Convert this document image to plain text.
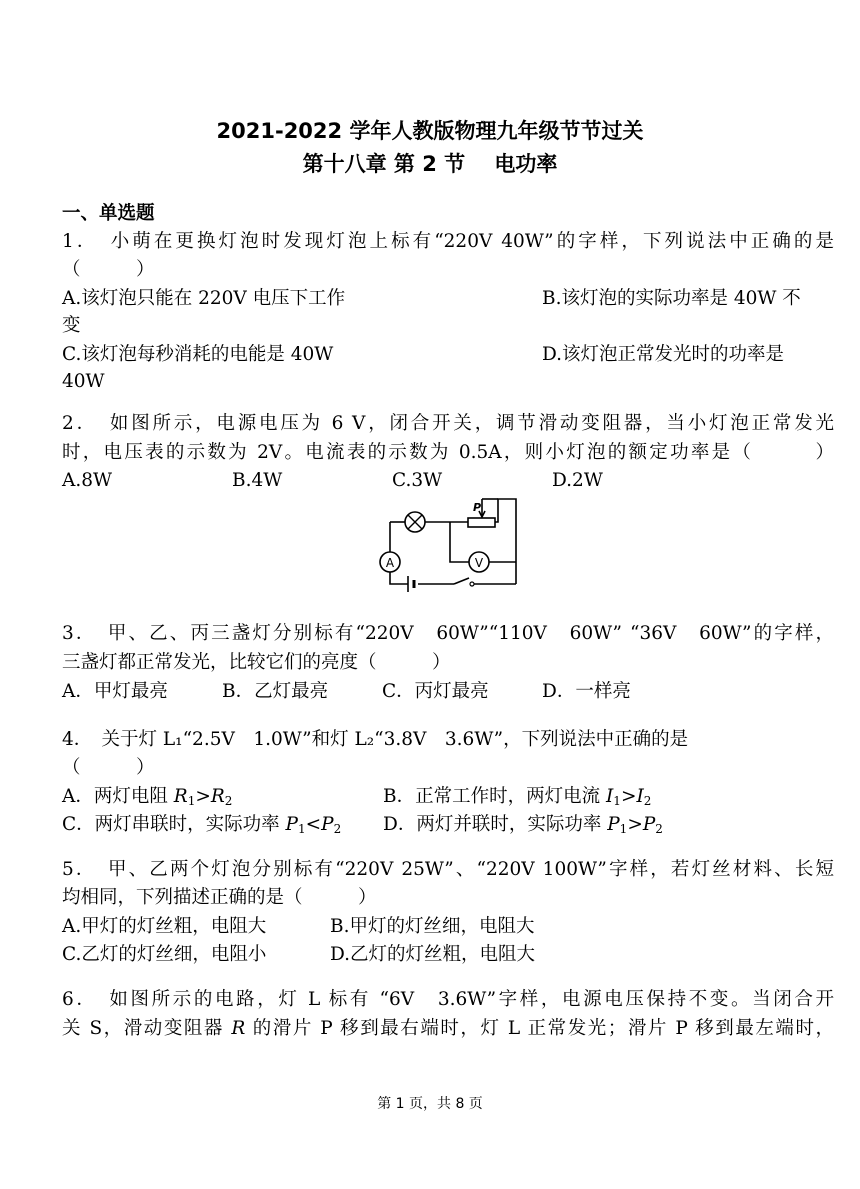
2021-2022 学年人教版物理九年级节节过关
第十八章 第 2 节    电功率
一、单选题
1．　小萌在更换灯泡时发现灯泡上标有“220V 40W”的字样，下列说法中正确的是
（　　　）
A.该灯泡只能在 220V 电压下工作	B.该灯泡的实际功率是 40W 不
变
C.该灯泡每秒消耗的电能是 40W	D.该灯泡正常发光时的功率是
40W
2．　如图所示，电源电压为 6 V，闭合开关，调节滑动变阻器，当小灯泡正常发光
时，电压表的示数为 2V。电流表的示数为 0.5A，则小灯泡的额定功率是（　　　）
A.8W	B.4W	C.3W	D.2W
A	V
P
3．　甲、乙、丙三盏灯分别标有“220V　60W”“110V　60W” “36V　60W”的字样，
三盏灯都正常发光，比较它们的亮度（　　　）
A．甲灯最亮	B．乙灯最亮	C．丙灯最亮	D．一样亮
4．　关于灯 L₁“2.5V　1.0W”和灯 L₂“3.8V　3.6W”，下列说法中正确的是
（　　　）
A．两灯电阻 $R_1>R_2$	B．正常工作时，两灯电流 $I_1>I_2$
C．两灯串联时，实际功率 $P_1<P_2$ D．两灯并联时，实际功率 $P_1>P_2$
5．　甲、乙两个灯泡分别标有“220V 25W”、“220V 100W”字样，若灯丝材料、长短
均相同，下列描述正确的是（　　　）
A.甲灯的灯丝粗，电阻大	B.甲灯的灯丝细，电阻大
C.乙灯的灯丝细，电阻小	D.乙灯的灯丝粗，电阻大
6．　如图所示的电路，灯 L 标有 “6V　3.6W”字样，电源电压保持不变。当闭合开
关 S，滑动变阻器 R 的滑片 P 移到最右端时，灯 L 正常发光；滑片 P 移到最左端时，
第 1 页，共 8 页
